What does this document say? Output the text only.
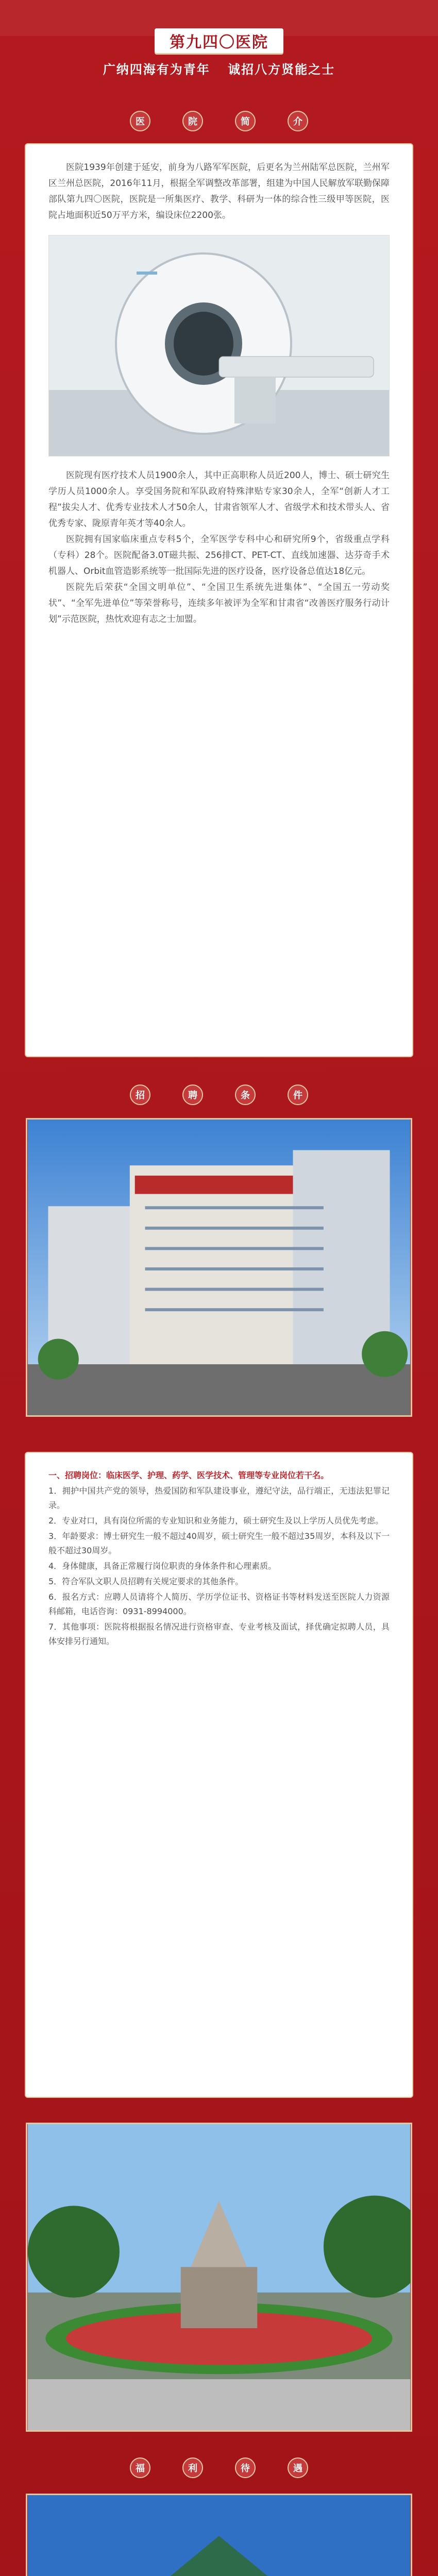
第九四〇医院
广纳四海有为青年 诚招八方贤能之士
医	院	简	介

医院1939年创建于延安，前身为八路军军医院，后更名为兰州陆军总医院，兰州军区兰州总医院，2016年11月，根据全军调整改革部署，组建为中国人民解放军联勤保障部队第九四〇医院，医院是一所集医疗、教学、科研为一体的综合性三级甲等医院，医院占地面积近50万平方米，编设床位2200张。

医院现有医疗技术人员1900余人，其中正高职称人员近200人，博士、硕士研究生学历人员1000余人。享受国务院和军队政府特殊津贴专家30余人，全军“创新人才工程”拔尖人才、优秀专业技术人才50余人，甘肃省领军人才、省级学术和技术带头人、省优秀专家、陇原青年英才等40余人。

医院拥有国家临床重点专科5个，全军医学专科中心和研究所9个，省级重点学科（专科）28个。医院配备3.0T磁共振、256排CT、PET-CT、直线加速器、达芬奇手术机器人、Orbit血管造影系统等一批国际先进的医疗设备，医疗设备总值达18亿元。

医院先后荣获“全国文明单位”、“全国卫生系统先进集体”、“全国五一劳动奖状”、“全军先进单位”等荣誉称号，连续多年被评为全军和甘肃省“改善医疗服务行动计划”示范医院，热忱欢迎有志之士加盟。

招	聘	条	件
一、招聘岗位：临床医学、护理、药学、医学技术、管理等专业岗位若干名。
1．拥护中国共产党的领导，热爱国防和军队建设事业，遵纪守法，品行端正，无违法犯罪记录。
2．专业对口，具有岗位所需的专业知识和业务能力，硕士研究生及以上学历人员优先考虑。
3．年龄要求：博士研究生一般不超过40周岁，硕士研究生一般不超过35周岁，本科及以下一般不超过30周岁。
4．身体健康，具备正常履行岗位职责的身体条件和心理素质。
5．符合军队文职人员招聘有关规定要求的其他条件。
6．报名方式：应聘人员请将个人简历、学历学位证书、资格证书等材料发送至医院人力资源科邮箱，电话咨询：0931-8994000。
7．其他事项：医院将根据报名情况进行资格审查、专业考核及面试，择优确定拟聘人员，具体安排另行通知。
福	利	待	遇
